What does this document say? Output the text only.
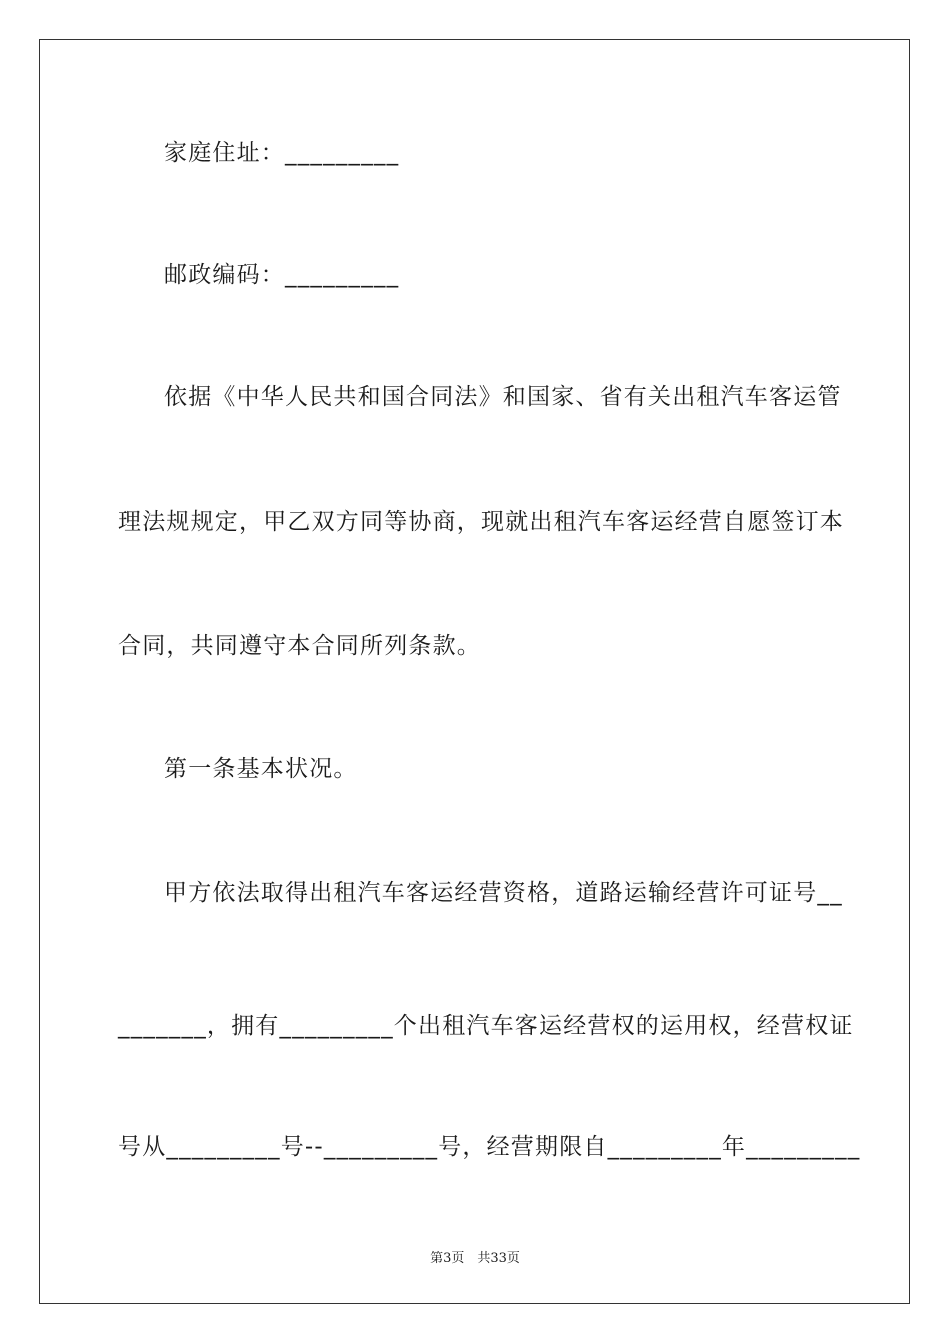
家庭住址：_________
邮政编码：_________
依据《中华人民共和国合同法》和国家、省有关出租汽车客运管
理法规规定，甲乙双方同等协商，现就出租汽车客运经营自愿签订本
合同，共同遵守本合同所列条款。
第一条基本状况。
甲方依法取得出租汽车客运经营资格，道路运输经营许可证号__
_______，拥有_________个出租汽车客运经营权的运用权，经营权证
号从_________号--_________号，经营期限自_________年_________
第3页　共33页
